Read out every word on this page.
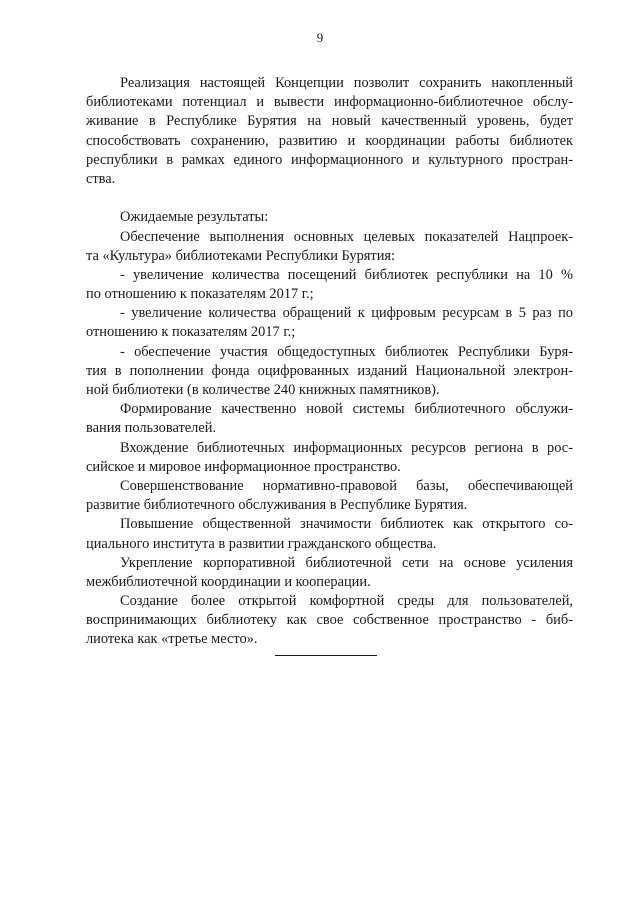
9
Реализация настоящей Концепции позволит сохранить накопленный
библиотеками потенциал и вывести информационно-библиотечное обслу-
живание в Республике Бурятия на новый качественный уровень, будет
способствовать сохранению, развитию и координации работы библиотек
республики в рамках единого информационного и культурного простран-
ства.
Ожидаемые результаты:
Обеспечение выполнения основных целевых показателей Нацпроек-
та «Культура» библиотеками Республики Бурятия:
- увеличение количества посещений библиотек республики на 10 %
по отношению к показателям 2017 г.;
- увеличение количества обращений к цифровым ресурсам в 5 раз по
отношению к показателям 2017 г.;
- обеспечение участия общедоступных библиотек Республики Буря-
тия в пополнении фонда оцифрованных изданий Национальной электрон-
ной библиотеки (в количестве 240 книжных памятников).
Формирование качественно новой системы библиотечного обслужи-
вания пользователей.
Вхождение библиотечных информационных ресурсов региона в рос-
сийское и мировое информационное пространство.
Совершенствование нормативно-правовой базы, обеспечивающей
развитие библиотечного обслуживания в Республике Бурятия.
Повышение общественной значимости библиотек как открытого со-
циального института в развитии гражданского общества.
Укрепление корпоративной библиотечной сети на основе усиления
межбиблиотечной координации и кооперации.
Создание более открытой комфортной среды для пользователей,
воспринимающих библиотеку как свое собственное пространство - биб-
лиотека как «третье место».
